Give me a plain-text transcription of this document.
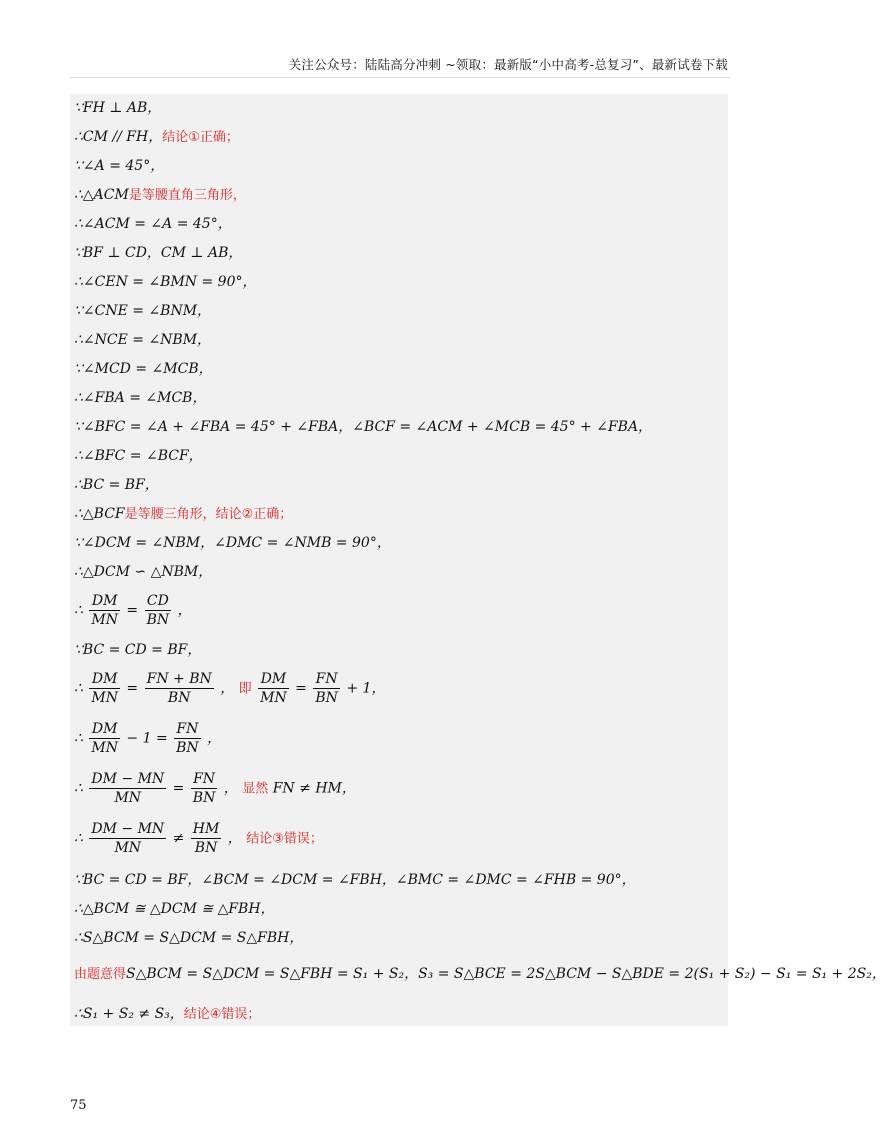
关注公众号：陆陆高分冲刺 ~领取：最新版“小中高考-总复习”、最新试卷下载
∵FH ⊥ AB，
∴CM // FH，结论①正确；
∵∠A = 45°，
∴△ACM是等腰直角三角形，
∴∠ACM = ∠A = 45°，
∵BF ⊥ CD，CM ⊥ AB，
∴∠CEN = ∠BMN = 90°，
∵∠CNE = ∠BNM，
∴∠NCE = ∠NBM，
∵∠MCD = ∠MCB，
∴∠FBA = ∠MCB，
∵∠BFC = ∠A + ∠FBA = 45° + ∠FBA，∠BCF = ∠ACM + ∠MCB = 45° + ∠FBA，
∴∠BFC = ∠BCF，
∴BC = BF，
∴△BCF是等腰三角形，结论②正确；
∵∠DCM = ∠NBM，∠DMC = ∠NMB = 90°，
∴△DCM ∽ △NBM，
∴ $\frac{DM}{MN} = \frac{CD}{BN}$ ，
∵BC = CD = BF，
∴ $\frac{DM}{MN} = \frac{FN + BN}{BN}$ ， 即 $\frac{DM}{MN} = \frac{FN}{BN} + 1$，
∴ $\frac{DM}{MN} - 1 = \frac{FN}{BN}$ ，
∴ $\frac{DM - MN}{MN} = \frac{FN}{BN}$ ， 显然 FN ≠ HM，
∴ $\frac{DM - MN}{MN} \ne \frac{HM}{BN}$ ， 结论③错误；
∵BC = CD = BF，∠BCM = ∠DCM = ∠FBH，∠BMC = ∠DMC = ∠FHB = 90°，
∴△BCM ≅ △DCM ≅ △FBH，
∴S△BCM = S△DCM = S△FBH，
由题意得S△BCM = S△DCM = S△FBH = S₁ + S₂，S₃ = S△BCE = 2S△BCM − S△BDE = 2(S₁ + S₂) − S₁ = S₁ + 2S₂，
∴S₁ + S₂ ≠ S₃，结论④错误；
75
